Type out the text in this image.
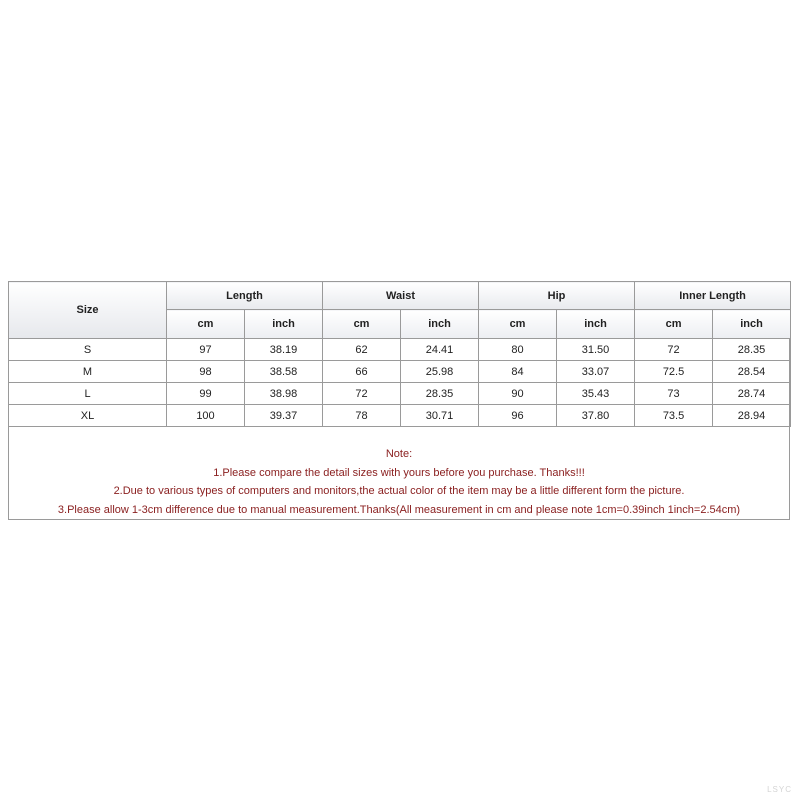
Size	Length		Waist		Hip		Inner Length	
	cm	inch	cm	inch	cm	inch	cm	inch
S	97	38.19	62	24.41	80	31.50	72	28.35
M	98	38.58	66	25.98	84	33.07	72.5	28.54
L	99	38.98	72	28.35	90	35.43	73	28.74
XL	100	39.37	78	30.71	96	37.80	73.5	28.94
Note:
1.Please compare the detail sizes with yours before you purchase. Thanks!!!
2.Due to various types of computers and monitors,the actual color of the item may be a little different form the picture.
3.Please allow 1-3cm difference due to manual measurement.Thanks(All measurement in cm and please note 1cm=0.39inch 1inch=2.54cm)
LSYC
